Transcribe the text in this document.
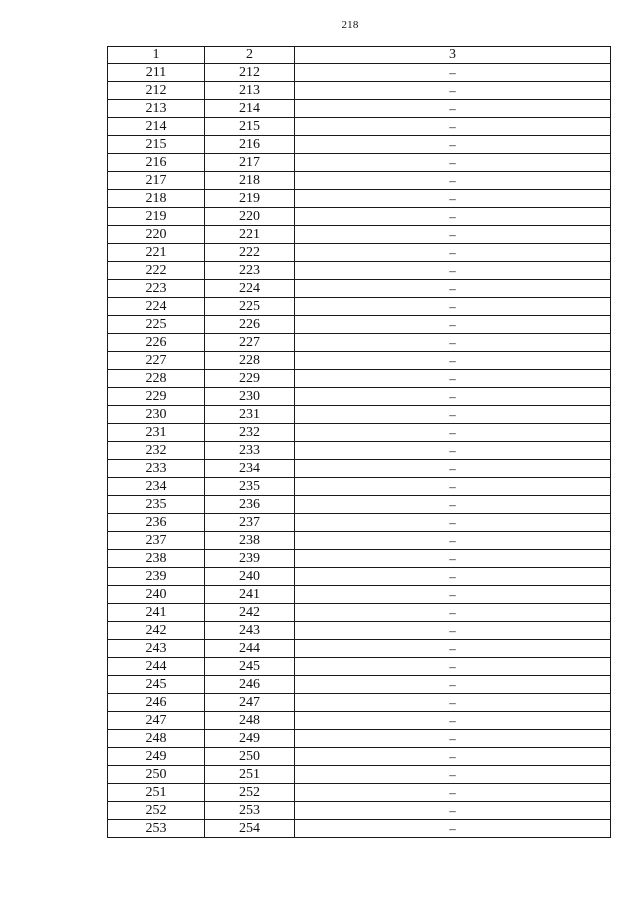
218
1	2	3
211	212	–
212	213	–
213	214	–
214	215	–
215	216	–
216	217	–
217	218	–
218	219	–
219	220	–
220	221	–
221	222	–
222	223	–
223	224	–
224	225	–
225	226	–
226	227	–
227	228	–
228	229	–
229	230	–
230	231	–
231	232	–
232	233	–
233	234	–
234	235	–
235	236	–
236	237	–
237	238	–
238	239	–
239	240	–
240	241	–
241	242	–
242	243	–
243	244	–
244	245	–
245	246	–
246	247	–
247	248	–
248	249	–
249	250	–
250	251	–
251	252	–
252	253	–
253	254	–
